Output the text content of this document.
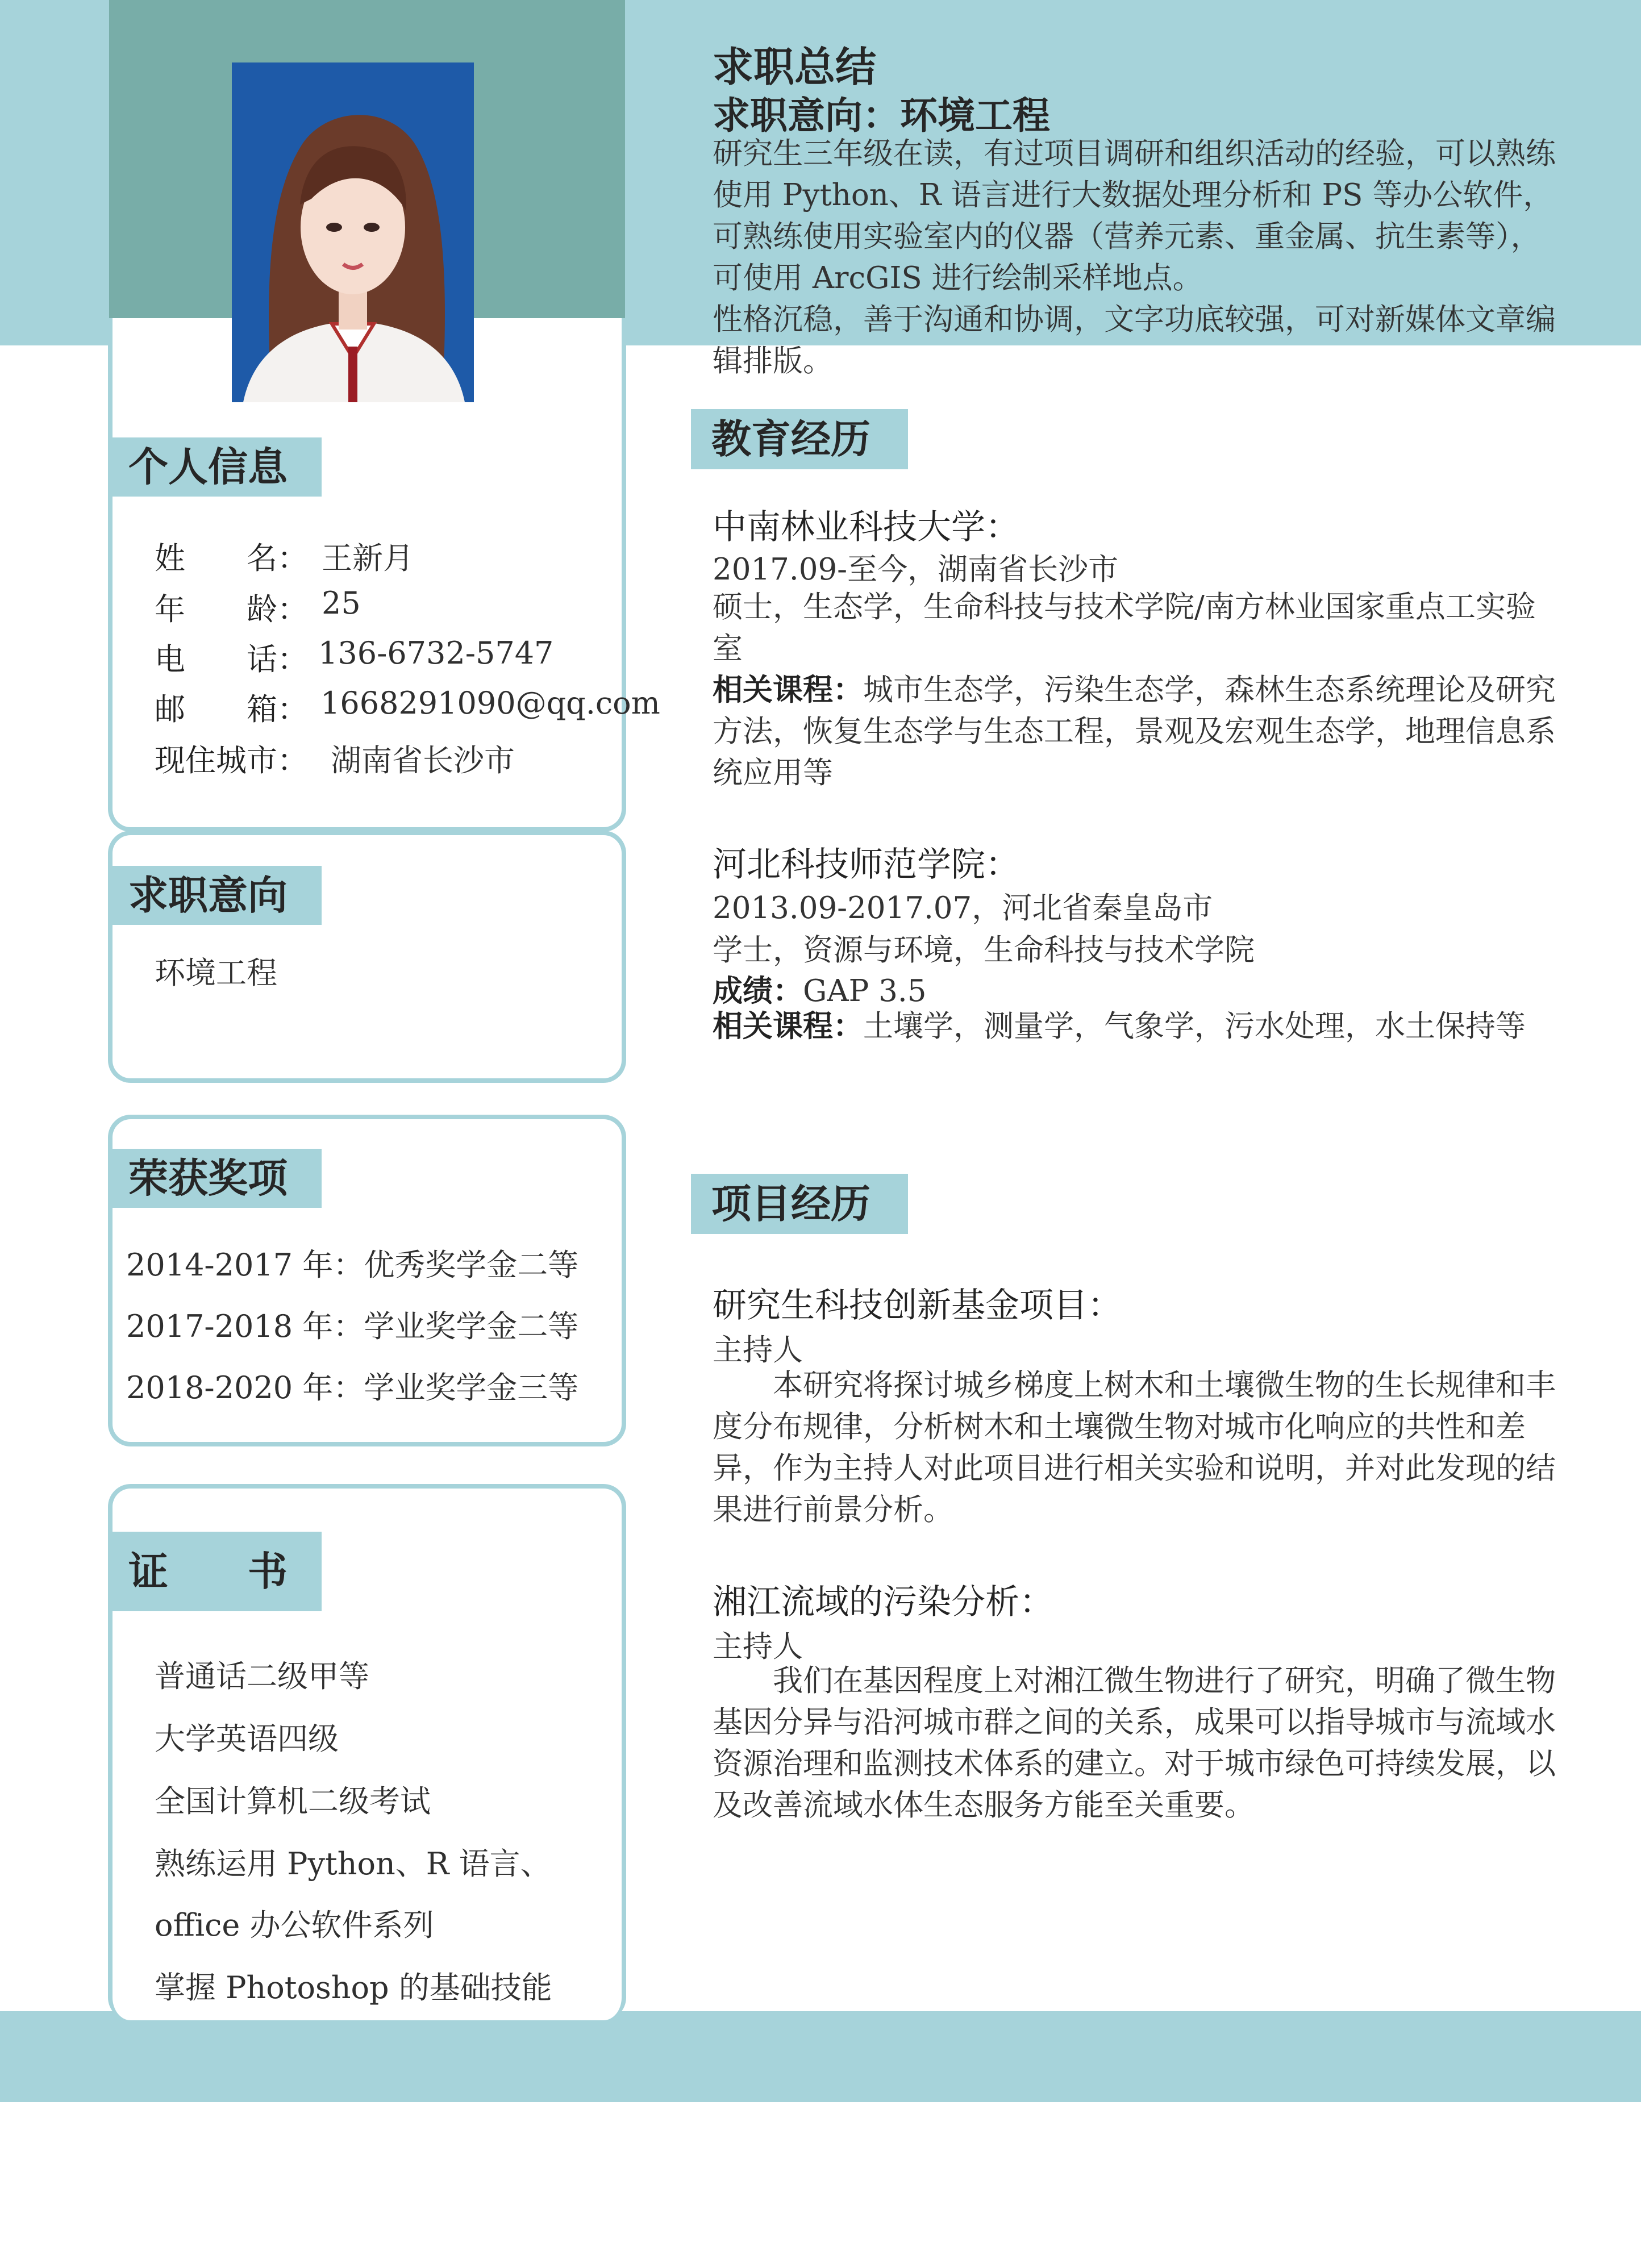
个人信息
姓　　名： 王新月
年　　龄： 25
电　　话： 136-6732-5747
邮　　箱： 1668291090@qq.com
现住城市： 湖南省长沙市
求职意向
环境工程
荣获奖项
2014-2017 年：优秀奖学金二等
2017-2018 年：学业奖学金二等
2018-2020 年：学业奖学金三等
证　　书
普通话二级甲等
大学英语四级
全国计算机二级考试
熟练运用 Python、R 语言、
office 办公软件系列
掌握 Photoshop 的基础技能
求职总结
求职意向：环境工程
研究生三年级在读，有过项目调研和组织活动的经验，可以熟练使用 Python、R 语言进行大数据处理分析和 PS 等办公软件，可熟练使用实验室内的仪器（营养元素、重金属、抗生素等），可使用 ArcGIS 进行绘制采样地点。
性格沉稳，善于沟通和协调，文字功底较强，可对新媒体文章编辑排版。
教育经历
中南林业科技大学：
2017.09-至今，湖南省长沙市
硕士，生态学，生命科技与技术学院/南方林业国家重点工实验室
相关课程：城市生态学，污染生态学，森林生态系统理论及研究方法，恢复生态学与生态工程，景观及宏观生态学，地理信息系统应用等
河北科技师范学院：
2013.09-2017.07，河北省秦皇岛市
学士，资源与环境，生命科技与技术学院
成绩：GAP 3.5
相关课程：土壤学，测量学，气象学，污水处理，水土保持等
项目经历
研究生科技创新基金项目：
主持人
本研究将探讨城乡梯度上树木和土壤微生物的生长规律和丰度分布规律，分析树木和土壤微生物对城市化响应的共性和差异，作为主持人对此项目进行相关实验和说明，并对此发现的结果进行前景分析。
湘江流域的污染分析：
主持人
我们在基因程度上对湘江微生物进行了研究，明确了微生物基因分异与沿河城市群之间的关系，成果可以指导城市与流域水资源治理和监测技术体系的建立。对于城市绿色可持续发展，以及改善流域水体生态服务方能至关重要。
